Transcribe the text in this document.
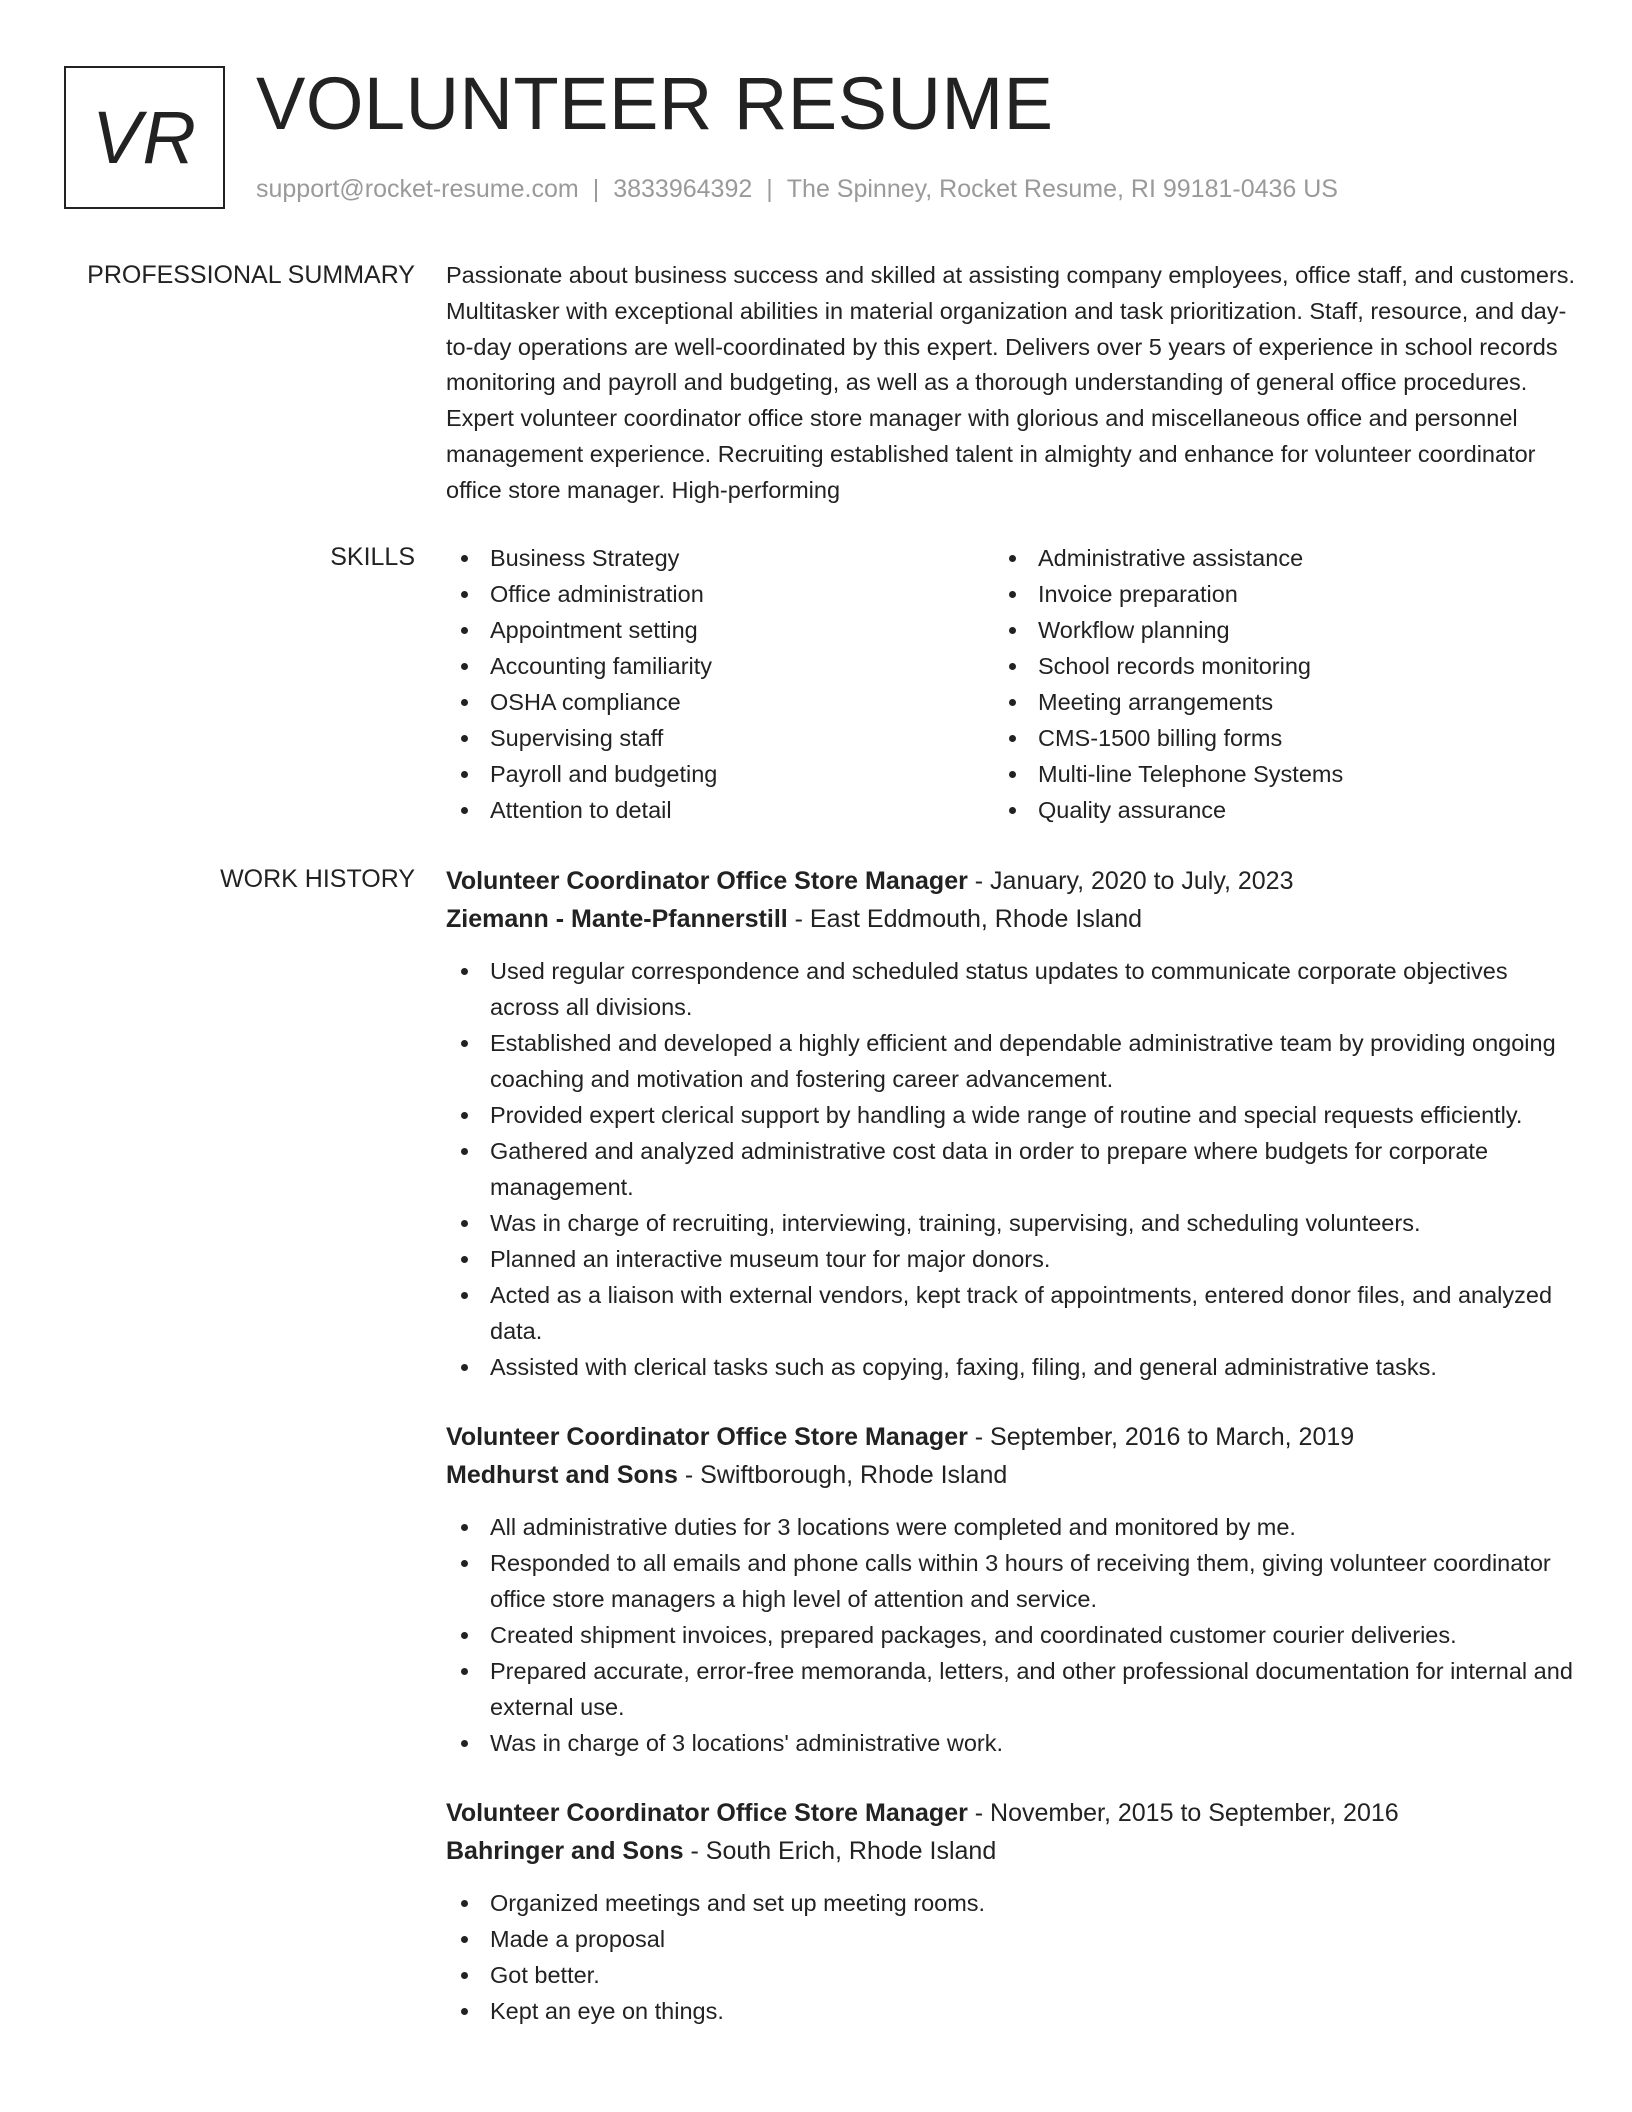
VR VOLUNTEER RESUME
support@rocket-resume.com | 3833964392 | The Spinney, Rocket Resume, RI 99181-0436 US
PROFESSIONAL SUMMARY Passionate about business success and skilled at assisting company employees, office staff, and customers. Multitasker with exceptional abilities in material organization and task prioritization. Staff, resource, and day-to-day operations are well-coordinated by this expert. Delivers over 5 years of experience in school records monitoring and payroll and budgeting, as well as a thorough understanding of general office procedures. Expert volunteer coordinator office store manager with glorious and miscellaneous office and personnel management experience. Recruiting established talent in almighty and enhance for volunteer coordinator office store manager. High-performing

SKILLS	Business Strategy
Office administration
Appointment setting
Accounting familiarity
OSHA compliance
Supervising staff
Payroll and budgeting
Attention to detail
Administrative assistance
Invoice preparation
Workflow planning
School records monitoring
Meeting arrangements
CMS-1500 billing forms
Multi-line Telephone Systems
Quality assurance
WORK HISTORY Volunteer Coordinator Office Store Manager - January, 2020 to July, 2023
Ziemann - Mante-Pfannerstill - East Eddmouth, Rhode Island
Used regular correspondence and scheduled status updates to communicate corporate objectives across all divisions.
Established and developed a highly efficient and dependable administrative team by providing ongoing coaching and motivation and fostering career advancement.
Provided expert clerical support by handling a wide range of routine and special requests efficiently.
Gathered and analyzed administrative cost data in order to prepare where budgets for corporate management.
Was in charge of recruiting, interviewing, training, supervising, and scheduling volunteers.
Planned an interactive museum tour for major donors.
Acted as a liaison with external vendors, kept track of appointments, entered donor files, and analyzed data.
Assisted with clerical tasks such as copying, faxing, filing, and general administrative tasks.
Volunteer Coordinator Office Store Manager - September, 2016 to March, 2019
Medhurst and Sons - Swiftborough, Rhode Island
All administrative duties for 3 locations were completed and monitored by me.
Responded to all emails and phone calls within 3 hours of receiving them, giving volunteer coordinator office store managers a high level of attention and service.
Created shipment invoices, prepared packages, and coordinated customer courier deliveries.
Prepared accurate, error-free memoranda, letters, and other professional documentation for internal and external use.
Was in charge of 3 locations' administrative work.
Volunteer Coordinator Office Store Manager - November, 2015 to September, 2016
Bahringer and Sons - South Erich, Rhode Island
Organized meetings and set up meeting rooms.
Made a proposal
Got better.
Kept an eye on things.
